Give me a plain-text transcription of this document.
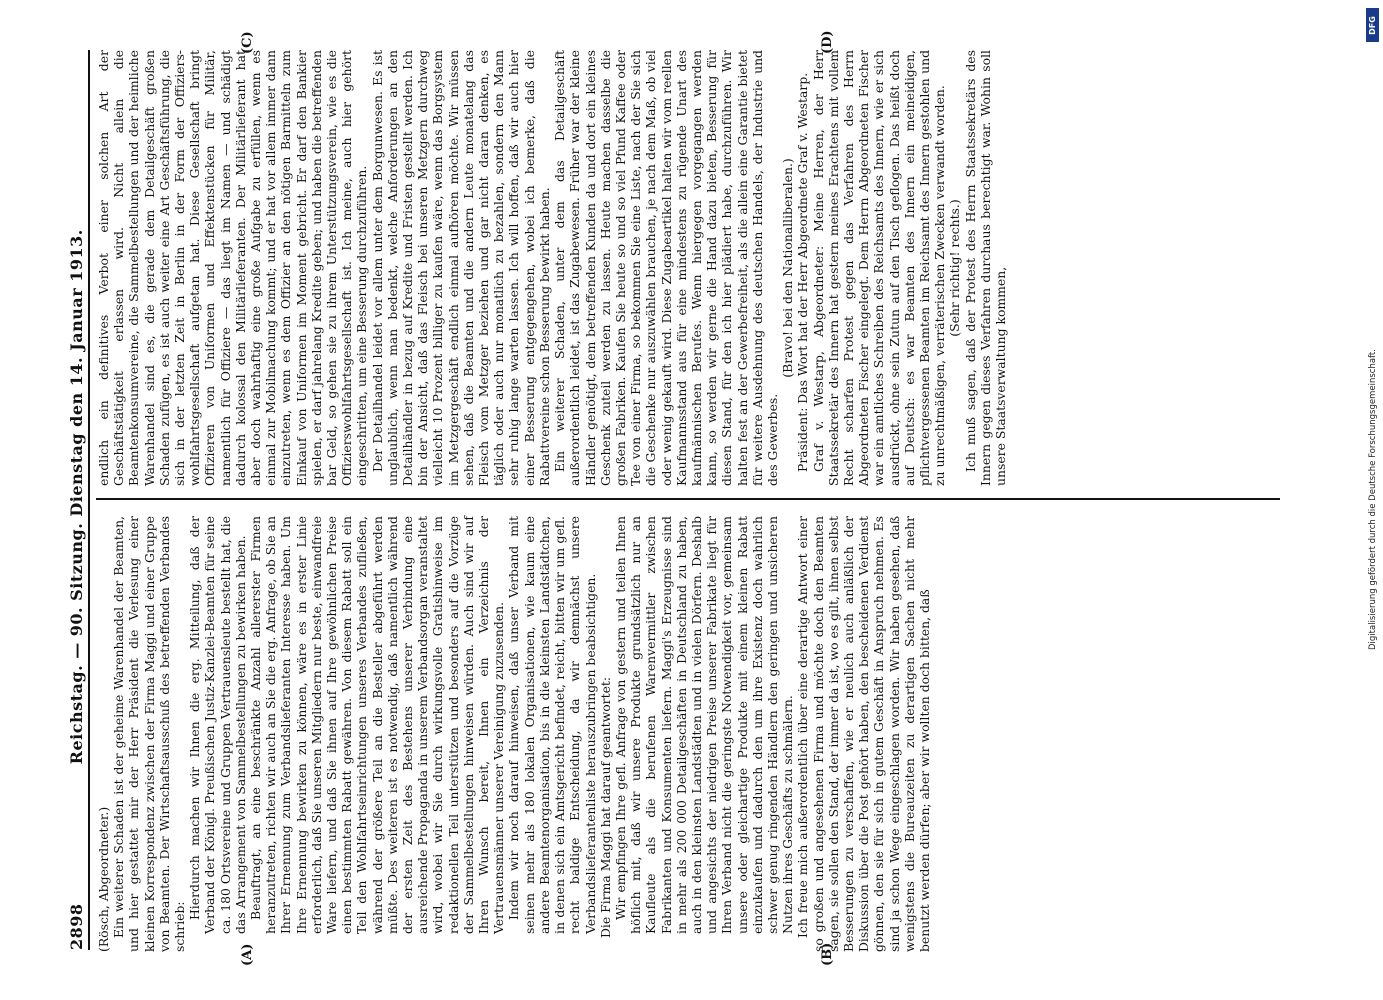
2898
Reichstag. — 90. Sitzung. Dienstag den 14. Januar 1913.
(A)	(B)
(C)	(D)

(Rösch, Abgeordneter.) Ein weiterer Schaden ist der geheime Warenhandel der Beamten, und hier gestattet mir der Herr Präsident die Verlesung einer kleinen Korrespondenz zwischen der Firma Maggi und einer Gruppe von Beamten. Der Wirtschaftsausschuß des betreffenden Verbandes schrieb:

Hierdurch machen wir Ihnen die erg. Mitteilung, daß der Verband der Königl. Preußischen Justiz-Kanzlei-Beamten für seine ca. 180 Ortsvereine und Gruppen Vertrauensleute bestellt hat, die das Arrangement von Sammelbestellungen zu bewirken haben. Beauftragt, an eine beschränkte Anzahl allererster Firmen heranzutreten, richten wir auch an Sie die erg. Anfrage, ob Sie an Ihrer Ernennung zum Verbandslieferanten Interesse haben. Um Ihre Ernennung bewirken zu können, wäre es in erster Linie erforderlich, daß Sie unseren Mitgliedern nur beste, einwandfreie Ware liefern, und daß Sie ihnen auf Ihre gewöhnlichen Preise einen bestimmten Rabatt gewähren. Von diesem Rabatt soll ein Teil den Wohlfahrtseinrichtungen unseres Verbandes zufließen, während der größere Teil an die Besteller abgeführt werden müßte. Des weiteren ist es notwendig, daß namentlich während der ersten Zeit des Bestehens unserer Verbindung eine ausreichende Propaganda in unserem Verbandsorgan veranstaltet wird, wobei wir Sie durch wirkungsvolle Gratishinweise im redaktionellen Teil unterstützen und besonders auf die Vorzüge der Sammelbestellungen hinweisen würden. Auch sind wir auf Ihren Wunsch bereit, Ihnen ein Verzeichnis der Vertrauensmänner unserer Vereinigung zuzusenden. Indem wir noch darauf hinweisen, daß unser Verband mit seinen mehr als 180 lokalen Organisationen, wie kaum eine andere Beamtenorganisation, bis in die kleinsten Landstädtchen, in denen sich ein Amtsgericht befindet, reicht, bitten wir um gefl. recht baldige Entscheidung, da wir demnächst unsere Verbandslieferantenliste herauszubringen beabsichtigen. Die Firma Maggi hat darauf geantwortet: Wir empfingen Ihre gefl. Anfrage von gestern und teilen Ihnen höflich mit, daß wir unsere Produkte grundsätzlich nur an Kaufleute als die berufenen Warenvermittler zwischen Fabrikanten und Konsumenten liefern. Maggi's Erzeugnisse sind in mehr als 200 000 Detailgeschäften in Deutschland zu haben, auch in den kleinsten Landstädten und in vielen Dörfern. Deshalb und angesichts der niedrigen Preise unserer Fabrikate liegt für Ihren Verband nicht die geringste Notwendigkeit vor, gemeinsam unsere oder gleichartige Produkte mit einem kleinen Rabatt einzukaufen und dadurch den um ihre Existenz doch wahrlich schwer genug ringenden Händlern den geringen und unsicheren Nutzen ihres Geschäfts zu schmälern. Ich freue mich außerordentlich über eine derartige Antwort einer so großen und angesehenen Firma und möchte doch den Beamten sagen, sie sollen den Stand, der immer da ist, wo es gilt, ihnen selbst Besserungen zu verschaffen, wie er neulich auch anläßlich der Diskussion über die Post gehört haben, den bescheidenen Verdienst gönnen, den sie für sich in gutem Geschäft in Anspruch nehmen. Es sind ja schon Wege eingeschlagen worden. Wir haben gesehen, daß wenigstens die Bureauzeiten zu derartigen Sachen nicht mehr benutzt werden dürfen; aber wir wollten doch bitten, daß

endlich ein definitives Verbot einer solchen Art der Geschäftstätigkeit erlassen wird. Nicht allein die Beamtenkonsumvereine, die Sammelbestellungen und der heimliche Warenhandel sind es, die gerade dem Detailgeschäft großen Schaden zufügen, es ist auch weiter eine Art Geschäftsführung, die sich in der letzten Zeit in Berlin in der Form der Offiziers-wohlfahrtsgesellschaft aufgetan hat. Diese Gesellschaft bringt Offizieren von Uniformen und Effektenstücken für Militär, namentlich für Offiziere — das liegt im Namen — und schädigt dadurch kolossal den Militärlieferanten. Der Militärlieferant hat aber doch wahrhaftig eine große Aufgabe zu erfüllen, wenn es einmal zur Mobilmachung kommt; und er hat vor allem immer dann einzutreten, wenn es dem Offizier an den nötigen Barmitteln zum Einkauf von Uniformen im Moment gebricht. Er darf den Bankier spielen, er darf jahrelang Kredite geben; und haben die betreffenden bar Geld, so gehen sie zu ihrem Unterstützungsverein, wie es die Offizierswohlfahrtsgesellschaft ist. Ich meine, auch hier gehört eingeschritten, um eine Besserung durchzuführen. Der Detailhandel leidet vor allem unter dem Borgunwesen. Es ist unglaublich, wenn man bedenkt, welche Anforderungen an den Detailhändler in bezug auf Kredite und Fristen gestellt werden. Ich bin der Ansicht, daß das Fleisch bei unseren Metzgern durchweg vielleicht 10 Prozent billiger zu kaufen wäre, wenn das Borgsystem im Metzgergeschäft endlich einmal aufhören möchte. Wir müssen sehen, daß die Beamten und die andern Leute monatelang das Fleisch vom Metzger beziehen und gar nicht daran denken, es täglich oder auch nur monatlich zu bezahlen, sondern den Mann sehr ruhig lange warten lassen. Ich will hoffen, daß wir auch hier einer Besserung entgegengehen, wobei ich bemerke, daß die Rabattvereine schon Besserung bewirkt haben. Ein weiterer Schaden, unter dem das Detailgeschäft außerordentlich leidet, ist das Zugabewesen. Früher war der kleine Händler genötigt, dem betreffenden Kunden da und dort ein kleines Geschenk zuteil werden zu lassen. Heute machen dasselbe die großen Fabriken. Kaufen Sie heute so und so viel Pfund Kaffee oder Tee von einer Firma, so bekommen Sie eine Liste, nach der Sie sich die Geschenke nur auszuwählen brauchen, je nach dem Maß, ob viel oder wenig gekauft wird. Diese Zugabeartikel halten wir vom reellen Kaufmannsstand aus für eine mindestens zu rügende Unart des kaufmännischen Berufes. Wenn hiergegen vorgegangen werden kann, so werden wir gerne die Hand dazu bieten, Besserung für diesen Stand, für den ich hier plädiert habe, durchzuführen. Wir halten fest an der Gewerbefreiheit, als die allein eine Garantie bietet für weitere Ausdehnung des deutschen Handels, der Industrie und des Gewerbes.

(Bravo! bei den Nationalliberalen.) Präsident: Das Wort hat der Herr Abgeordnete Graf v. Westarp. Graf v. Westarp, Abgeordneter: Meine Herren, der Herr Staatssekretär des Innern hat gestern meines Erachtens mit vollem Recht scharfen Protest gegen das Verfahren des Herrn Abgeordneten Fischer eingelegt. Dem Herrn Abgeordneten Fischer war ein amtliches Schreiben des Reichsamts des Innern, wie er sich ausdrückt, ohne sein Zutun auf den Tisch geflogen. Das heißt doch auf Deutsch: es war Beamten des Innern ein meineidigen, pflichtvergessenen Beamten im Reichsamt des Innern gestohlen und zu unrechtmäßigen, verräterischen Zwecken verwandt worden. (Sehr richtig! rechts.) Ich muß sagen, daß der Protest des Herrn Staatssekretärs des Innern gegen dieses Verfahren durchaus berechtigt war. Wohin soll unsere Staatsverwaltung kommen,

DFG
Digitalisierung gefördert durch die Deutsche Forschungsgemeinschaft.
